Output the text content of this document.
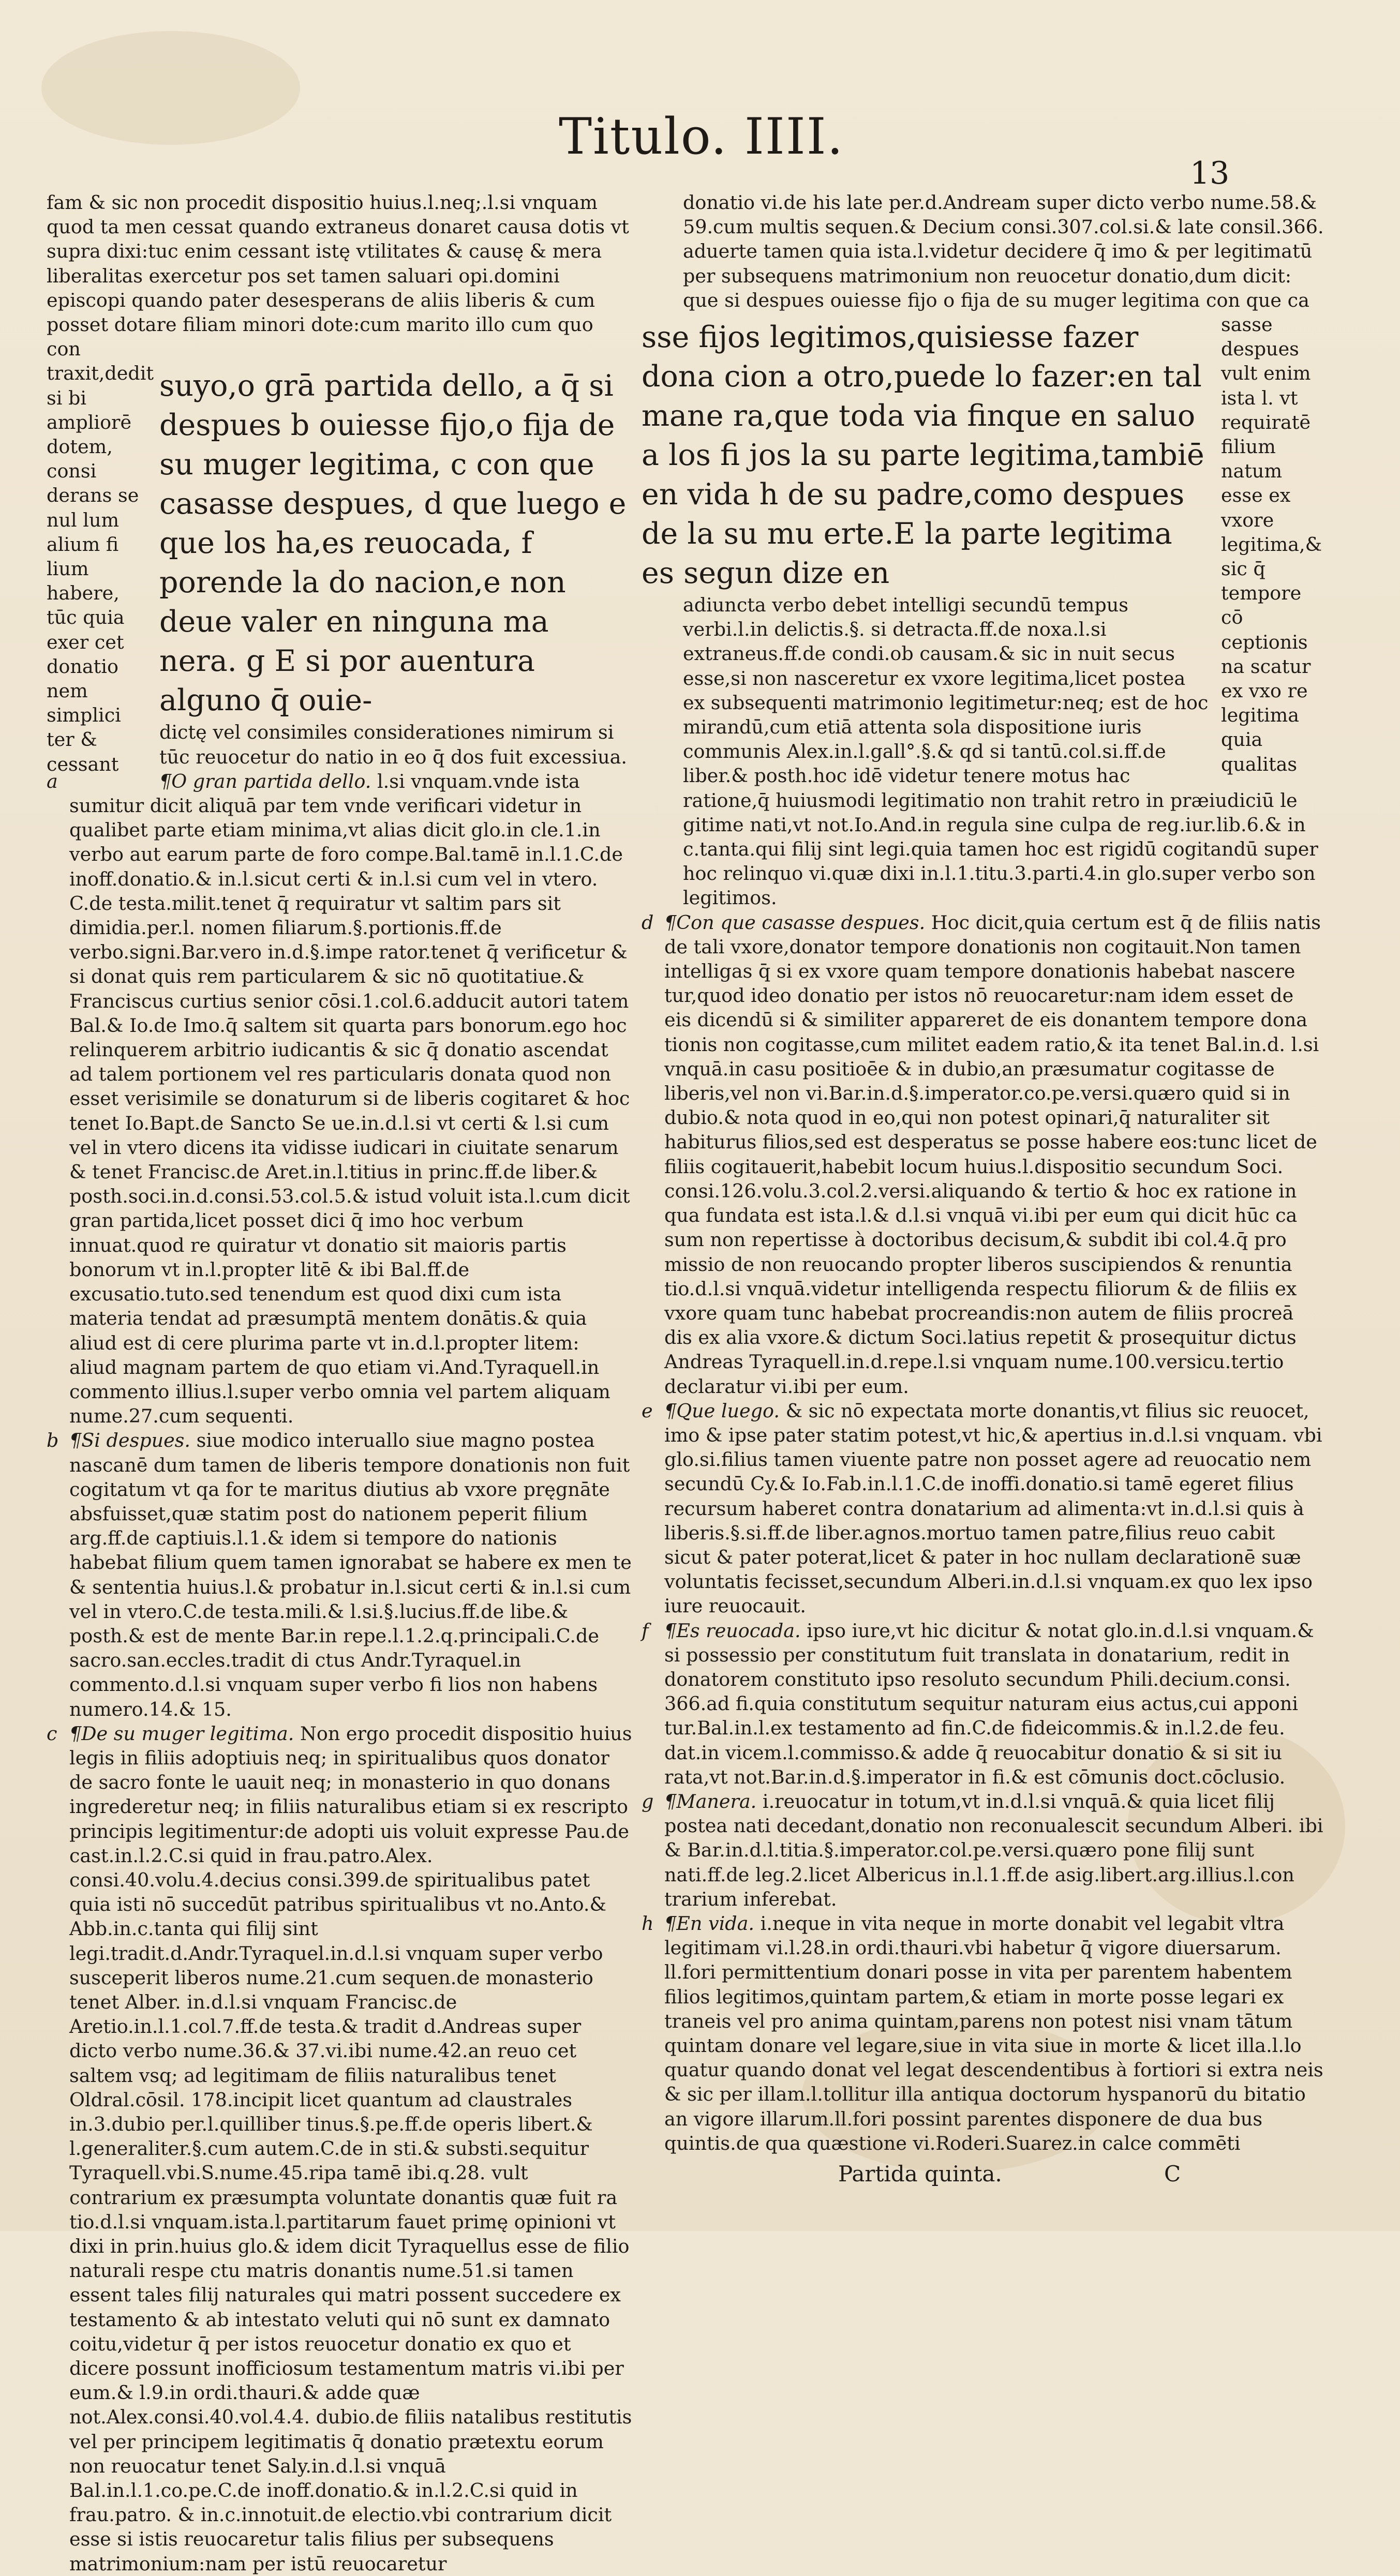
Titulo. IIII.
13

fam & sic non procedit dispositio huius.l.neq;.l.si vnquam quod ta men cessat quando extraneus donaret causa dotis vt supra dixi:tuc enim cessant istę vtilitates & causę & mera liberalitas exercetur pos set tamen saluari opi.domini episcopi quando pater desesperans de aliis liberis & cum posset dotare filiam minori dote:cum marito illo cum quo con

traxit,dedit si bi ampliorē dotem, consi derans se nul lum alium fi lium habere, tūc quia exer cet donatio nem simplici ter & cessant
suyo,o grā partida dello, a q̄ si despues b ouiesse fijo,o fija de su muger legitima, c con que casasse despues, d que luego e que los ha,es reuocada, f porende la do nacion,e non deue valer en ninguna ma nera. g E si por auentura alguno q̄ ouie-

dictę vel consimiles considerationes nimirum si tūc reuocetur do natio in eo q̄ dos fuit excessiua.

a	¶O gran partida dello. l.si vnquam.vnde ista sumitur dicit aliquā par tem vnde verificari videtur in qualibet parte etiam minima,vt alias dicit glo.in cle.1.in verbo aut earum parte de foro compe.Bal.tamē in.l.1.C.de inoff.donatio.& in.l.sicut certi & in.l.si cum vel in vtero. C.de testa.milit.tenet q̄ requiratur vt saltim pars sit dimidia.per.l. nomen filiarum.§.portionis.ff.de verbo.signi.Bar.vero in.d.§.impe rator.tenet q̄ verificetur & si donat quis rem particularem & sic nō quotitatiue.& Franciscus curtius senior cōsi.1.col.6.adducit autori tatem Bal.& Io.de Imo.q̄ saltem sit quarta pars bonorum.ego hoc relinquerem arbitrio iudicantis & sic q̄ donatio ascendat ad talem portionem vel res particularis donata quod non esset verisimile se donaturum si de liberis cogitaret & hoc tenet Io.Bapt.de Sancto Se ue.in.d.l.si vt certi & l.si cum vel in vtero dicens ita vidisse iudicari in ciuitate senarum & tenet Francisc.de Aret.in.l.titius in princ.ff.de liber.& posth.soci.in.d.consi.53.col.5.& istud voluit ista.l.cum dicit gran partida,licet posset dici q̄ imo hoc verbum innuat.quod re quiratur vt donatio sit maioris partis bonorum vt in.l.propter litē & ibi Bal.ff.de excusatio.tuto.sed tenendum est quod dixi cum ista materia tendat ad præsumptā mentem donātis.& quia aliud est di cere plurima parte vt in.d.l.propter litem: aliud magnam partem de quo etiam vi.And.Tyraquell.in commento illius.l.super verbo omnia vel partem aliquam nume.27.cum sequenti.
b ¶Si despues. siue modico interuallo siue magno postea nascanē dum tamen de liberis tempore donationis non fuit cogitatum vt qa for te maritus diutius ab vxore pręgnāte absfuisset,quæ statim post do nationem peperit filium arg.ff.de captiuis.l.1.& idem si tempore do nationis habebat filium quem tamen ignorabat se habere ex men te & sententia huius.l.& probatur in.l.sicut certi & in.l.si cum vel in vtero.C.de testa.mili.& l.si.§.lucius.ff.de libe.& posth.& est de mente Bar.in repe.l.1.2.q.principali.C.de sacro.san.eccles.tradit di ctus Andr.Tyraquel.in commento.d.l.si vnquam super verbo fi lios non habens numero.14.& 15.
c ¶De su muger legitima. Non ergo procedit dispositio huius legis in filiis adoptiuis neq; in spiritualibus quos donator de sacro fonte le uauit neq; in monasterio in quo donans ingrederetur neq; in filiis naturalibus etiam si ex rescripto principis legitimentur:de adopti uis voluit expresse Pau.de cast.in.l.2.C.si quid in frau.patro.Alex. consi.40.volu.4.decius consi.399.de spiritualibus patet quia isti nō succedūt patribus spiritualibus vt no.Anto.& Abb.in.c.tanta qui filij sint legi.tradit.d.Andr.Tyraquel.in.d.l.si vnquam super verbo susceperit liberos nume.21.cum sequen.de monasterio tenet Alber. in.d.l.si vnquam Francisc.de Aretio.in.l.1.col.7.ff.de testa.& tradit d.Andreas super dicto verbo nume.36.& 37.vi.ibi nume.42.an reuo cet saltem vsq; ad legitimam de filiis naturalibus tenet Oldral.cōsil. 178.incipit licet quantum ad claustrales in.3.dubio per.l.quilliber tinus.§.pe.ff.de operis libert.& l.generaliter.§.cum autem.C.de in sti.& substi.sequitur Tyraquell.vbi.S.nume.45.ripa tamē ibi.q.28. vult contrarium ex præsumpta voluntate donantis quæ fuit ra tio.d.l.si vnquam.ista.l.partitarum fauet primę opinioni vt dixi in prin.huius glo.& idem dicit Tyraquellus esse de filio naturali respe ctu matris donantis nume.51.si tamen essent tales filij naturales qui matri possent succedere ex testamento & ab intestato veluti qui nō sunt ex damnato coitu,videtur q̄ per istos reuocetur donatio ex quo et dicere possunt inofficiosum testamentum matris vi.ibi per eum.& l.9.in ordi.thauri.& adde quæ not.Alex.consi.40.vol.4.4. dubio.de filiis natalibus restitutis vel per principem legitimatis q̄ donatio prætextu eorum non reuocatur tenet Saly.in.d.l.si vnquā Bal.in.l.1.co.pe.C.de inoff.donatio.& in.l.2.C.si quid in frau.patro. & in.c.innotuit.de electio.vbi contrarium dicit esse si istis reuocaretur talis filius per subsequens matrimonium:nam per istū reuocaretur

donatio vi.de his late per.d.Andream super dicto verbo nume.58.& 59.cum multis sequen.& Decium consi.307.col.si.& late consil.366. aduerte tamen quia ista.l.videtur decidere q̄ imo & per legitimatū per subsequens matrimonium non reuocetur donatio,dum dicit: que si despues ouiesse fijo o fija de su muger legitima con que ca

sasse despues vult enim ista l. vt requiratē filium natum esse ex vxore legitima,& sic q̄ tempore cō ceptionis na scatur ex vxo re legitima quia qualitas
sse fijos legitimos,quisiesse fazer dona cion a otro,puede lo fazer:en tal mane ra,que toda via finque en saluo a los fi jos la su parte legitima,tambiē en vida h de su padre,como despues de la su mu erte.E la parte legitima es segun dize en

adiuncta verbo debet intelligi secundū tempus verbi.l.in delictis.§. si detracta.ff.de noxa.l.si extraneus.ff.de condi.ob causam.& sic in nuit secus esse,si non nasceretur ex vxore legitima,licet postea ex subsequenti matrimonio legitimetur:neq; est de hoc mirandū,cum etiā attenta sola dispositione iuris communis Alex.in.l.gall°.§.& qd si tantū.col.si.ff.de liber.& posth.hoc idē videtur tenere motus hac ratione,q̄ huiusmodi legitimatio non trahit retro in præiudiciū le gitime nati,vt not.Io.And.in regula sine culpa de reg.iur.lib.6.& in c.tanta.qui filij sint legi.quia tamen hoc est rigidū cogitandū super hoc relinquo vi.quæ dixi in.l.1.titu.3.parti.4.in glo.super verbo son legitimos.

d ¶Con que casasse despues. Hoc dicit,quia certum est q̄ de filiis natis de tali vxore,donator tempore donationis non cogitauit.Non tamen intelligas q̄ si ex vxore quam tempore donationis habebat nascere tur,quod ideo donatio per istos nō reuocaretur:nam idem esset de eis dicendū si & similiter appareret de eis donantem tempore dona tionis non cogitasse,cum militet eadem ratio,& ita tenet Bal.in.d. l.si vnquā.in casu positioēe & in dubio,an præsumatur cogitasse de liberis,vel non vi.Bar.in.d.§.imperator.co.pe.versi.quæro quid si in dubio.& nota quod in eo,qui non potest opinari,q̄ naturaliter sit habiturus filios,sed est desperatus se posse habere eos:tunc licet de filiis cogitauerit,habebit locum huius.l.dispositio secundum Soci. consi.126.volu.3.col.2.versi.aliquando & tertio & hoc ex ratione in qua fundata est ista.l.& d.l.si vnquā vi.ibi per eum qui dicit hūc ca sum non repertisse à doctoribus decisum,& subdit ibi col.4.q̄ pro missio de non reuocando propter liberos suscipiendos & renuntia tio.d.l.si vnquā.videtur intelligenda respectu filiorum & de filiis ex vxore quam tunc habebat procreandis:non autem de filiis procreā dis ex alia vxore.& dictum Soci.latius repetit & prosequitur dictus Andreas Tyraquell.in.d.repe.l.si vnquam nume.100.versicu.tertio declaratur vi.ibi per eum.
e ¶Que luego. & sic nō expectata morte donantis,vt filius sic reuocet, imo & ipse pater statim potest,vt hic,& apertius in.d.l.si vnquam. vbi glo.si.filius tamen viuente patre non posset agere ad reuocatio nem secundū Cy.& Io.Fab.in.l.1.C.de inoffi.donatio.si tamē egeret filius recursum haberet contra donatarium ad alimenta:vt in.d.l.si quis à liberis.§.si.ff.de liber.agnos.mortuo tamen patre,filius reuo cabit sicut & pater poterat,licet & pater in hoc nullam declarationē suæ voluntatis fecisset,secundum Alberi.in.d.l.si vnquam.ex quo lex ipso iure reuocauit.
f ¶Es reuocada. ipso iure,vt hic dicitur & notat glo.in.d.l.si vnquam.& si possessio per constitutum fuit translata in donatarium, redit in donatorem constituto ipso resoluto secundum Phili.decium.consi. 366.ad fi.quia constitutum sequitur naturam eius actus,cui apponi tur.Bal.in.l.ex testamento ad fin.C.de fideicommis.& in.l.2.de feu. dat.in vicem.l.commisso.& adde q̄ reuocabitur donatio & si sit iu rata,vt not.Bar.in.d.§.imperator in fi.& est cōmunis doct.cōclusio.
g ¶Manera. i.reuocatur in totum,vt in.d.l.si vnquā.& quia licet filij postea nati decedant,donatio non reconualescit secundum Alberi. ibi & Bar.in.d.l.titia.§.imperator.col.pe.versi.quæro pone filij sunt nati.ff.de leg.2.licet Albericus in.l.1.ff.de asig.libert.arg.illius.l.con trarium inferebat.
h ¶En vida. i.neque in vita neque in morte donabit vel legabit vltra legitimam vi.l.28.in ordi.thauri.vbi habetur q̄ vigore diuersarum. ll.fori permittentium donari posse in vita per parentem habentem filios legitimos,quintam partem,& etiam in morte posse legari ex traneis vel pro anima quintam,parens non potest nisi vnam tātum quintam donare vel legare,siue in vita siue in morte & licet illa.l.lo quatur quando donat vel legat descendentibus à fortiori si extra neis & sic per illam.l.tollitur illa antiqua doctorum hyspanorū du bitatio an vigore illarum.ll.fori possint parentes disponere de dua bus quintis.de qua quæstione vi.Roderi.Suarez.in calce commēti
Partida quinta.	C
